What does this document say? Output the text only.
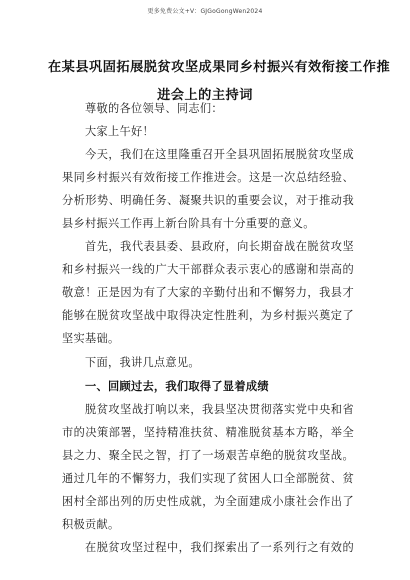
更多免费公文+V：GJGoGongWen2024
在某县巩固拓展脱贫攻坚成果同乡村振兴有效衔接工作推
进会上的主持词
尊敬的各位领导、同志们：
大家上午好！
今天，我们在这里隆重召开全县巩固拓展脱贫攻坚成
果同乡村振兴有效衔接工作推进会。这是一次总结经验、
分析形势、明确任务、凝聚共识的重要会议，对于推动我
县乡村振兴工作再上新台阶具有十分重要的意义。
首先，我代表县委、县政府，向长期奋战在脱贫攻坚
和乡村振兴一线的广大干部群众表示衷心的感谢和崇高的
敬意！正是因为有了大家的辛勤付出和不懈努力，我县才
能够在脱贫攻坚战中取得决定性胜利，为乡村振兴奠定了
坚实基础。
下面，我讲几点意见。
一、回顾过去，我们取得了显着成绩
脱贫攻坚战打响以来，我县坚决贯彻落实党中央和省
市的决策部署，坚持精准扶贫、精准脱贫基本方略，举全
县之力、聚全民之智，打了一场艰苦卓绝的脱贫攻坚战。
通过几年的不懈努力，我们实现了贫困人口全部脱贫、贫
困村全部出列的历史性成就，为全面建成小康社会作出了
积极贡献。
在脱贫攻坚过程中，我们探索出了一系列行之有效的
